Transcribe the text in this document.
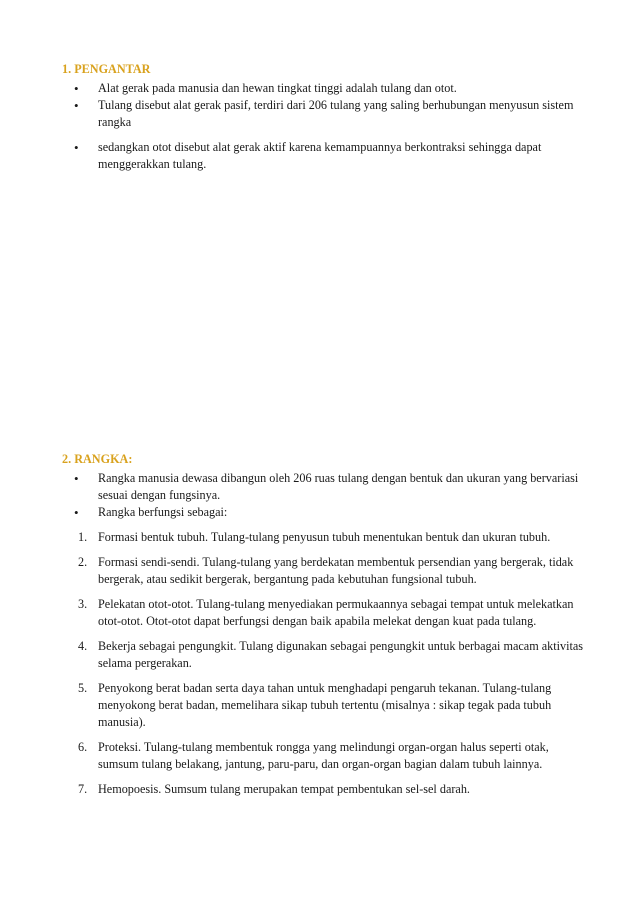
1. PENGANTAR
• Alat gerak pada manusia dan hewan tingkat tinggi adalah tulang dan otot.
• Tulang disebut alat gerak pasif, terdiri dari 206 tulang yang saling berhubungan menyusun sistem rangka
• sedangkan otot disebut alat gerak aktif karena kemampuannya berkontraksi sehingga dapat menggerakkan tulang.
2. RANGKA:
• Rangka manusia dewasa dibangun oleh 206 ruas tulang dengan bentuk dan ukuran yang bervariasi sesuai dengan fungsinya.
• Rangka berfungsi sebagai:
1. Formasi bentuk tubuh. Tulang-tulang penyusun tubuh menentukan bentuk dan ukuran tubuh.
2. Formasi sendi-sendi. Tulang-tulang yang berdekatan membentuk persendian yang bergerak, tidak bergerak, atau sedikit bergerak, bergantung pada kebutuhan fungsional tubuh.
3. Pelekatan otot-otot. Tulang-tulang menyediakan permukaannya sebagai tempat untuk melekatkan otot-otot. Otot-otot dapat berfungsi dengan baik apabila melekat dengan kuat pada tulang.
4. Bekerja sebagai pengungkit. Tulang digunakan sebagai pengungkit untuk berbagai macam aktivitas selama pergerakan.
5. Penyokong berat badan serta daya tahan untuk menghadapi pengaruh tekanan. Tulang-tulang menyokong berat badan, memelihara sikap tubuh tertentu (misalnya : sikap tegak pada tubuh manusia).
6. Proteksi. Tulang-tulang membentuk rongga yang melindungi organ-organ halus seperti otak, sumsum tulang belakang, jantung, paru-paru, dan organ-organ bagian dalam tubuh lainnya.
7. Hemopoesis. Sumsum tulang merupakan tempat pembentukan sel-sel darah.
